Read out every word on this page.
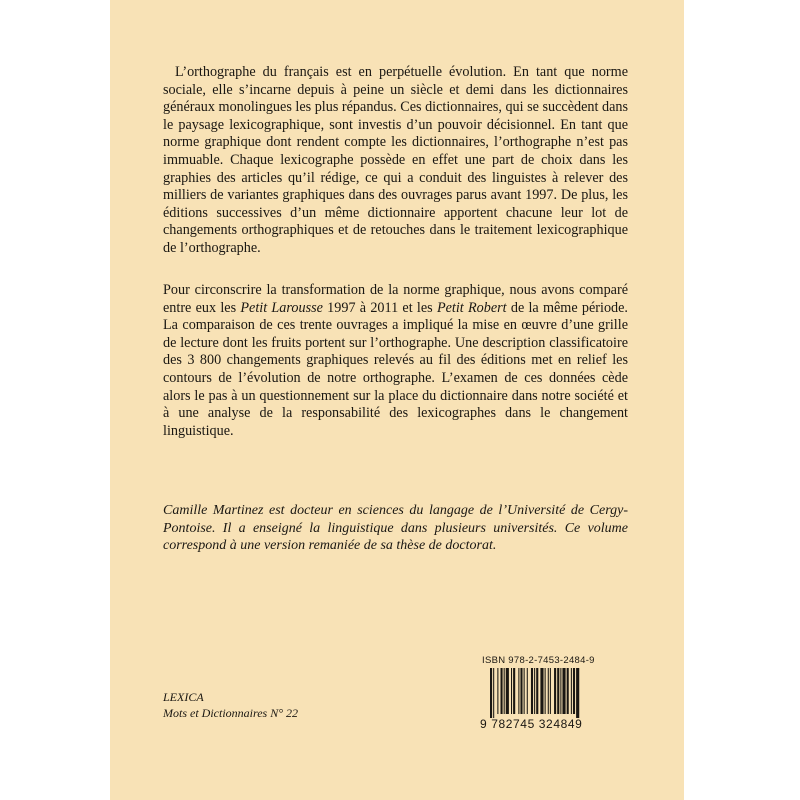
L’orthographe du français est en perpétuelle évolution. En tant que norme sociale, elle s’incarne depuis à peine un siècle et demi dans les dictionnaires généraux monolingues les plus répandus. Ces dictionnaires, qui se succèdent dans le paysage lexicographique, sont investis d’un pouvoir décisionnel. En tant que norme graphique dont rendent compte les dictionnaires, l’orthographe n’est pas immuable. Chaque lexicographe possède en effet une part de choix dans les graphies des articles qu’il rédige, ce qui a conduit des linguistes à relever des milliers de variantes graphiques dans des ouvrages parus avant 1997. De plus, les éditions successives d’un même dictionnaire apportent chacune leur lot de changements orthographiques et de retouches dans le traitement lexicographique de l’orthographe.

Pour circonscrire la transformation de la norme graphique, nous avons comparé entre eux les Petit Larousse 1997 à 2011 et les Petit Robert de la même période. La comparaison de ces trente ouvrages a impliqué la mise en œuvre d’une grille de lecture dont les fruits portent sur l’orthographe. Une description classificatoire des 3 800 changements graphiques relevés au fil des éditions met en relief les contours de l’évolution de notre orthographe. L’examen de ces données cède alors le pas à un questionnement sur la place du dictionnaire dans notre société et à une analyse de la responsabilité des lexicographes dans le changement linguistique.

Camille Martinez est docteur en sciences du langage de l’Université de Cergy-Pontoise. Il a enseigné la linguistique dans plusieurs universités. Ce volume correspond à une version remaniée de sa thèse de doctorat.

LEXICA
Mots et Dictionnaires N° 22
ISBN 978-2-7453-2484-9
9 782745 324849
